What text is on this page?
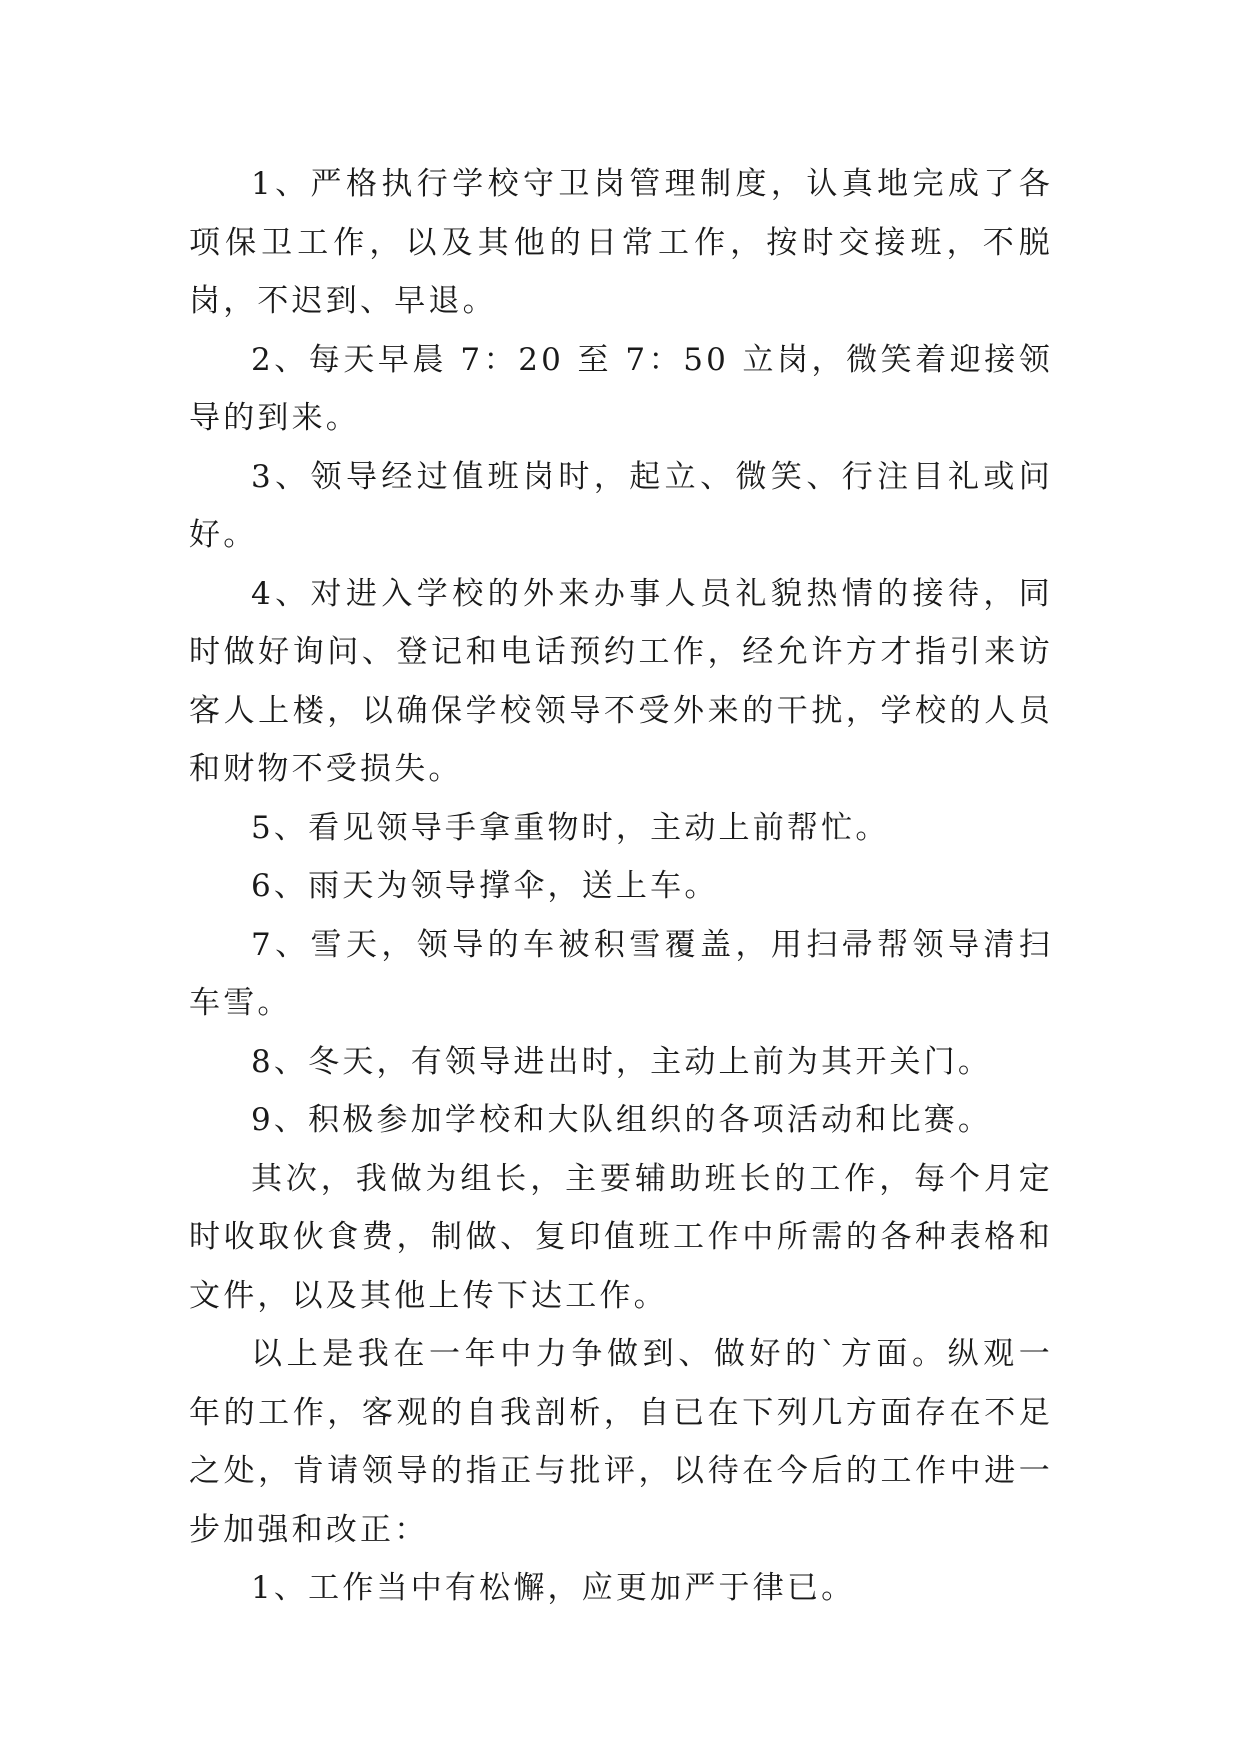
1、严格执行学校守卫岗管理制度，认真地完成了各项保卫工作，以及其他的日常工作，按时交接班，不脱岗，不迟到、早退。

2、每天早晨 7：20 至 7：50 立岗，微笑着迎接领导的到来。

3、领导经过值班岗时，起立、微笑、行注目礼或问好。

4、对进入学校的外来办事人员礼貌热情的接待，同时做好询问、登记和电话预约工作，经允许方才指引来访客人上楼，以确保学校领导不受外来的干扰，学校的人员和财物不受损失。

5、看见领导手拿重物时，主动上前帮忙。

6、雨天为领导撑伞，送上车。

7、雪天，领导的车被积雪覆盖，用扫帚帮领导清扫车雪。

8、冬天，有领导进出时，主动上前为其开关门。

9、积极参加学校和大队组织的各项活动和比赛。

其次，我做为组长，主要辅助班长的工作，每个月定时收取伙食费，制做、复印值班工作中所需的各种表格和文件，以及其他上传下达工作。

以上是我在一年中力争做到、做好的`方面。纵观一年的工作，客观的自我剖析，自已在下列几方面存在不足之处，肯请领导的指正与批评，以待在今后的工作中进一步加强和改正：

1、工作当中有松懈，应更加严于律已。
